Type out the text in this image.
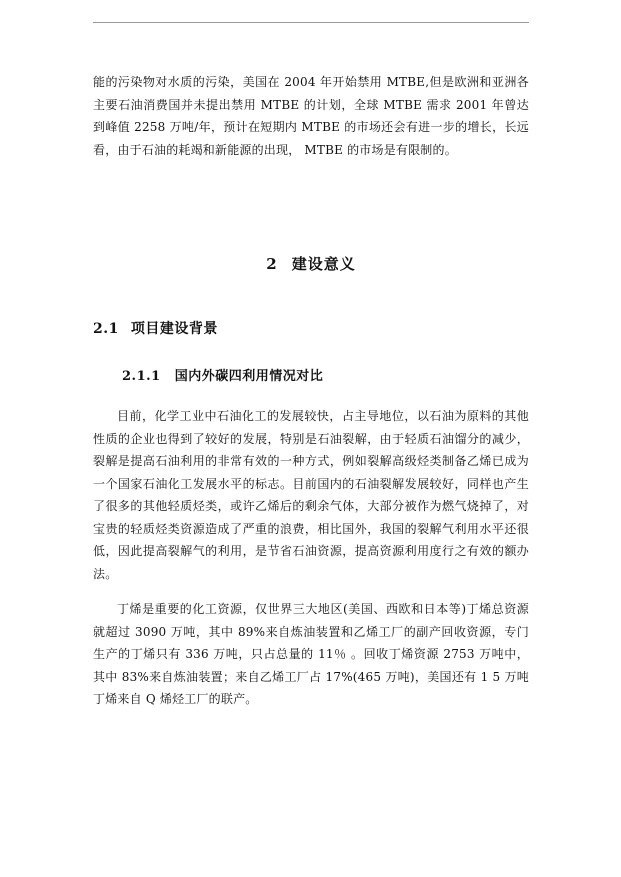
能的污染物对水质的污染，美国在 2004 年开始禁用 MTBE,但是欧洲和亚洲各主要石油消费国并未提出禁用 MTBE 的计划，全球 MTBE 需求 2001 年曾达到峰值 2258 万吨/年，预计在短期内 MTBE 的市场还会有进一步的增长，长远看，由于石油的耗竭和新能源的出现， MTBE 的市场是有限制的。

2 建设意义
2.1 项目建设背景
2.1.1 国内外碳四利用情况对比

目前，化学工业中石油化工的发展较快，占主导地位，以石油为原料的其他性质的企业也得到了较好的发展，特别是石油裂解，由于轻质石油馏分的减少，裂解是提高石油利用的非常有效的一种方式，例如裂解高级烃类制备乙烯已成为一个国家石油化工发展水平的标志。目前国内的石油裂解发展较好，同样也产生了很多的其他轻质烃类，或许乙烯后的剩余气体，大部分被作为燃气烧掉了，对宝贵的轻质烃类资源造成了严重的浪费，相比国外，我国的裂解气利用水平还很低，因此提高裂解气的利用，是节省石油资源，提高资源利用度行之有效的额办法。

丁烯是重要的化工资源，仅世界三大地区(美国、西欧和日本等)丁烯总资源就超过 3090 万吨，其中 89%来自炼油装置和乙烯工厂的副产回收资源，专门生产的丁烯只有 336 万吨，只占总量的 11％ 。回收丁烯资源 2753 万吨中，其中 83%来自炼油装置；来自乙烯工厂占 17%(465 万吨)，美国还有 1 5 万吨丁烯来自 Q 烯烃工厂的联产。
